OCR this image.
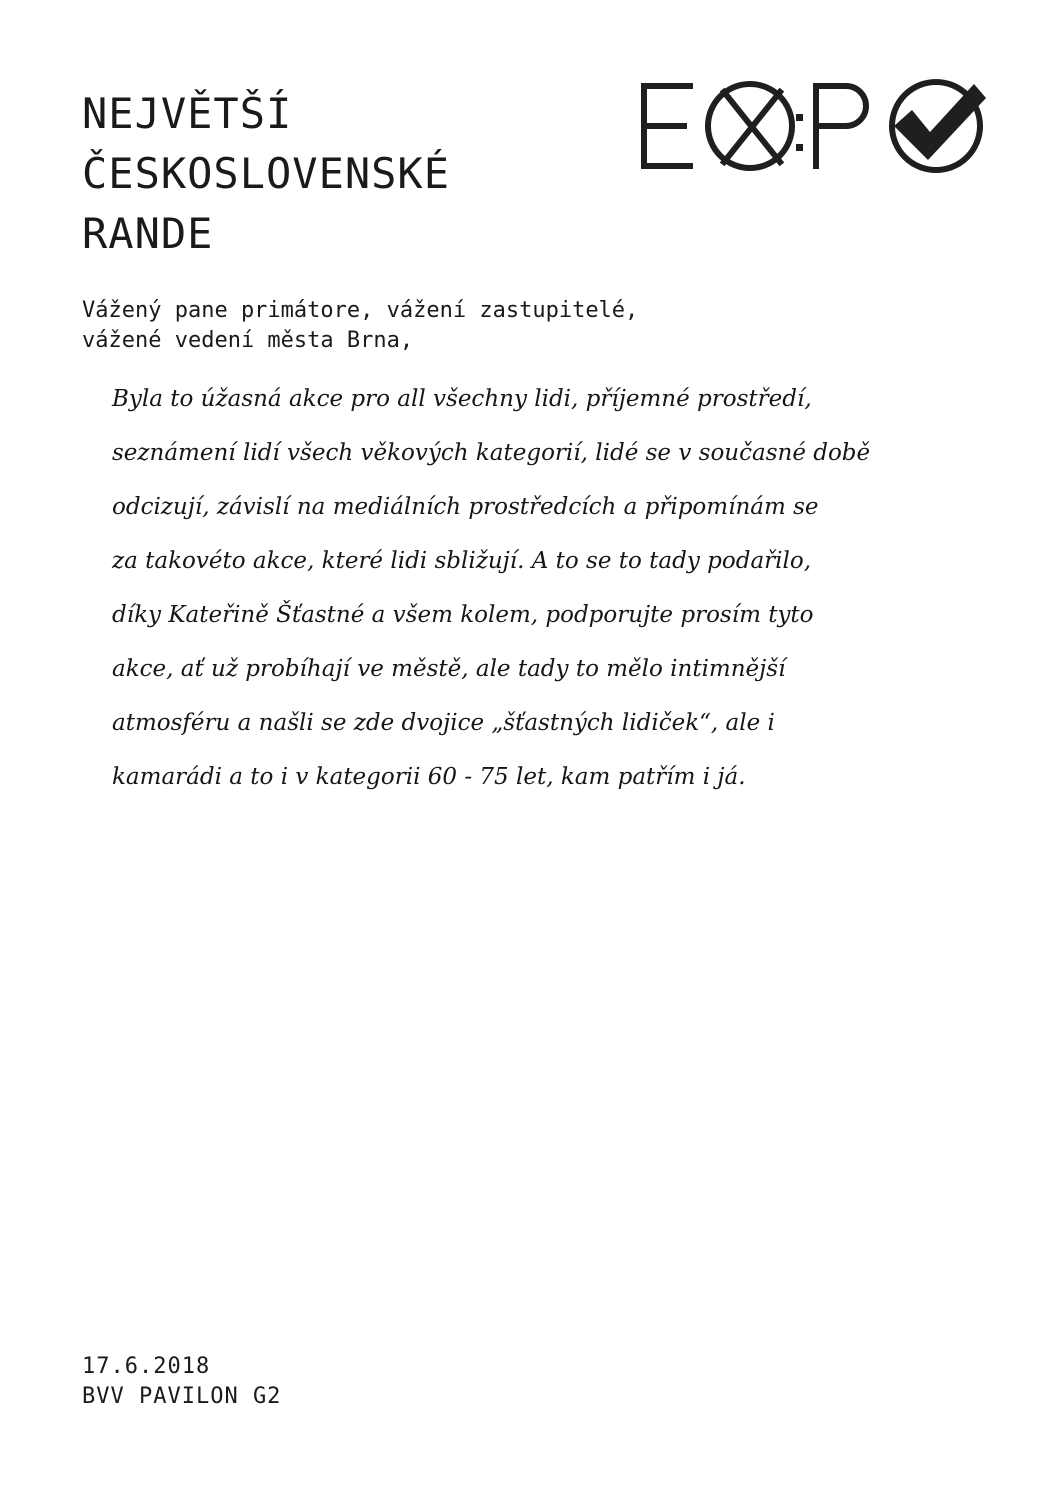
NEJVĚTŠÍ
ČESKOSLOVENSKÉ
RANDE
Vážený pane primátore, vážení zastupitelé,
vážené vedení města Brna,
Byla to úžasná akce pro all všechny lidi, příjemné prostředí,
seznámení lidí všech věkových kategorií, lidé se v současné době
odcizují, závislí na mediálních prostředcích a připomínám se
za takovéto akce, které lidi sbližují. A to se to tady podařilo,
díky Kateřině Šťastné a všem kolem, podporujte prosím tyto
akce, ať už probíhají ve městě, ale tady to mělo intimnější
atmosféru a našli se zde dvojice „šťastných lidiček“, ale i
kamarádi a to i v kategorii 60 - 75 let, kam patřím i já.
17.6.2018
BVV PAVILON G2
